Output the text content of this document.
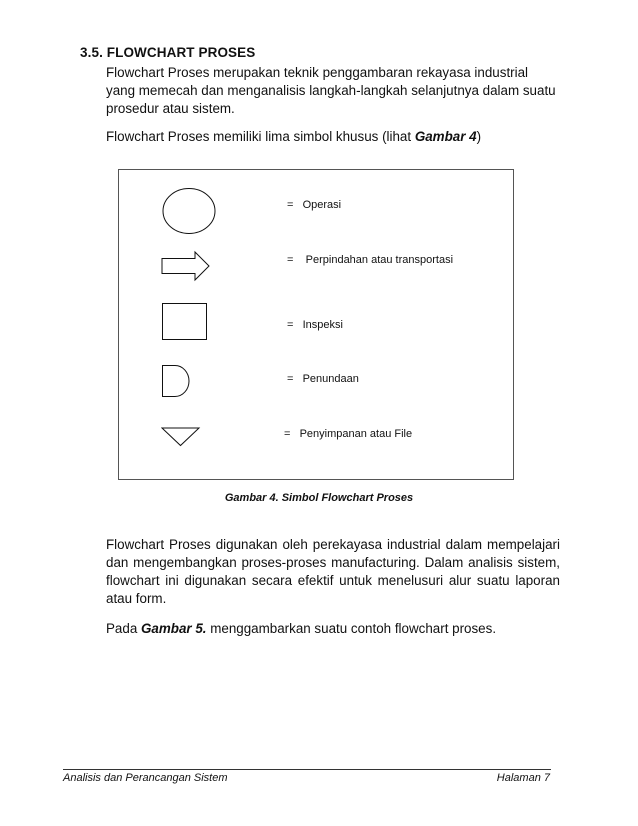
3.5. FLOWCHART PROSES
Flowchart Proses merupakan teknik penggambaran rekayasa industrial yang memecah dan menganalisis langkah-langkah selanjutnya dalam suatu prosedur atau sistem.
Flowchart Proses memiliki lima simbol khusus (lihat Gambar 4)
=   Operasi
=    Perpindahan atau transportasi
=   Inspeksi
=   Penundaan
=   Penyimpanan atau File
Gambar 4. Simbol Flowchart Proses
Flowchart Proses digunakan oleh perekayasa industrial dalam mempelajari dan mengembangkan proses-proses manufacturing. Dalam analisis sistem, flowchart ini digunakan secara efektif untuk menelusuri alur suatu laporan atau form.
Pada Gambar 5. menggambarkan suatu contoh flowchart proses.
Analisis dan Perancangan Sistem	Halaman 7
